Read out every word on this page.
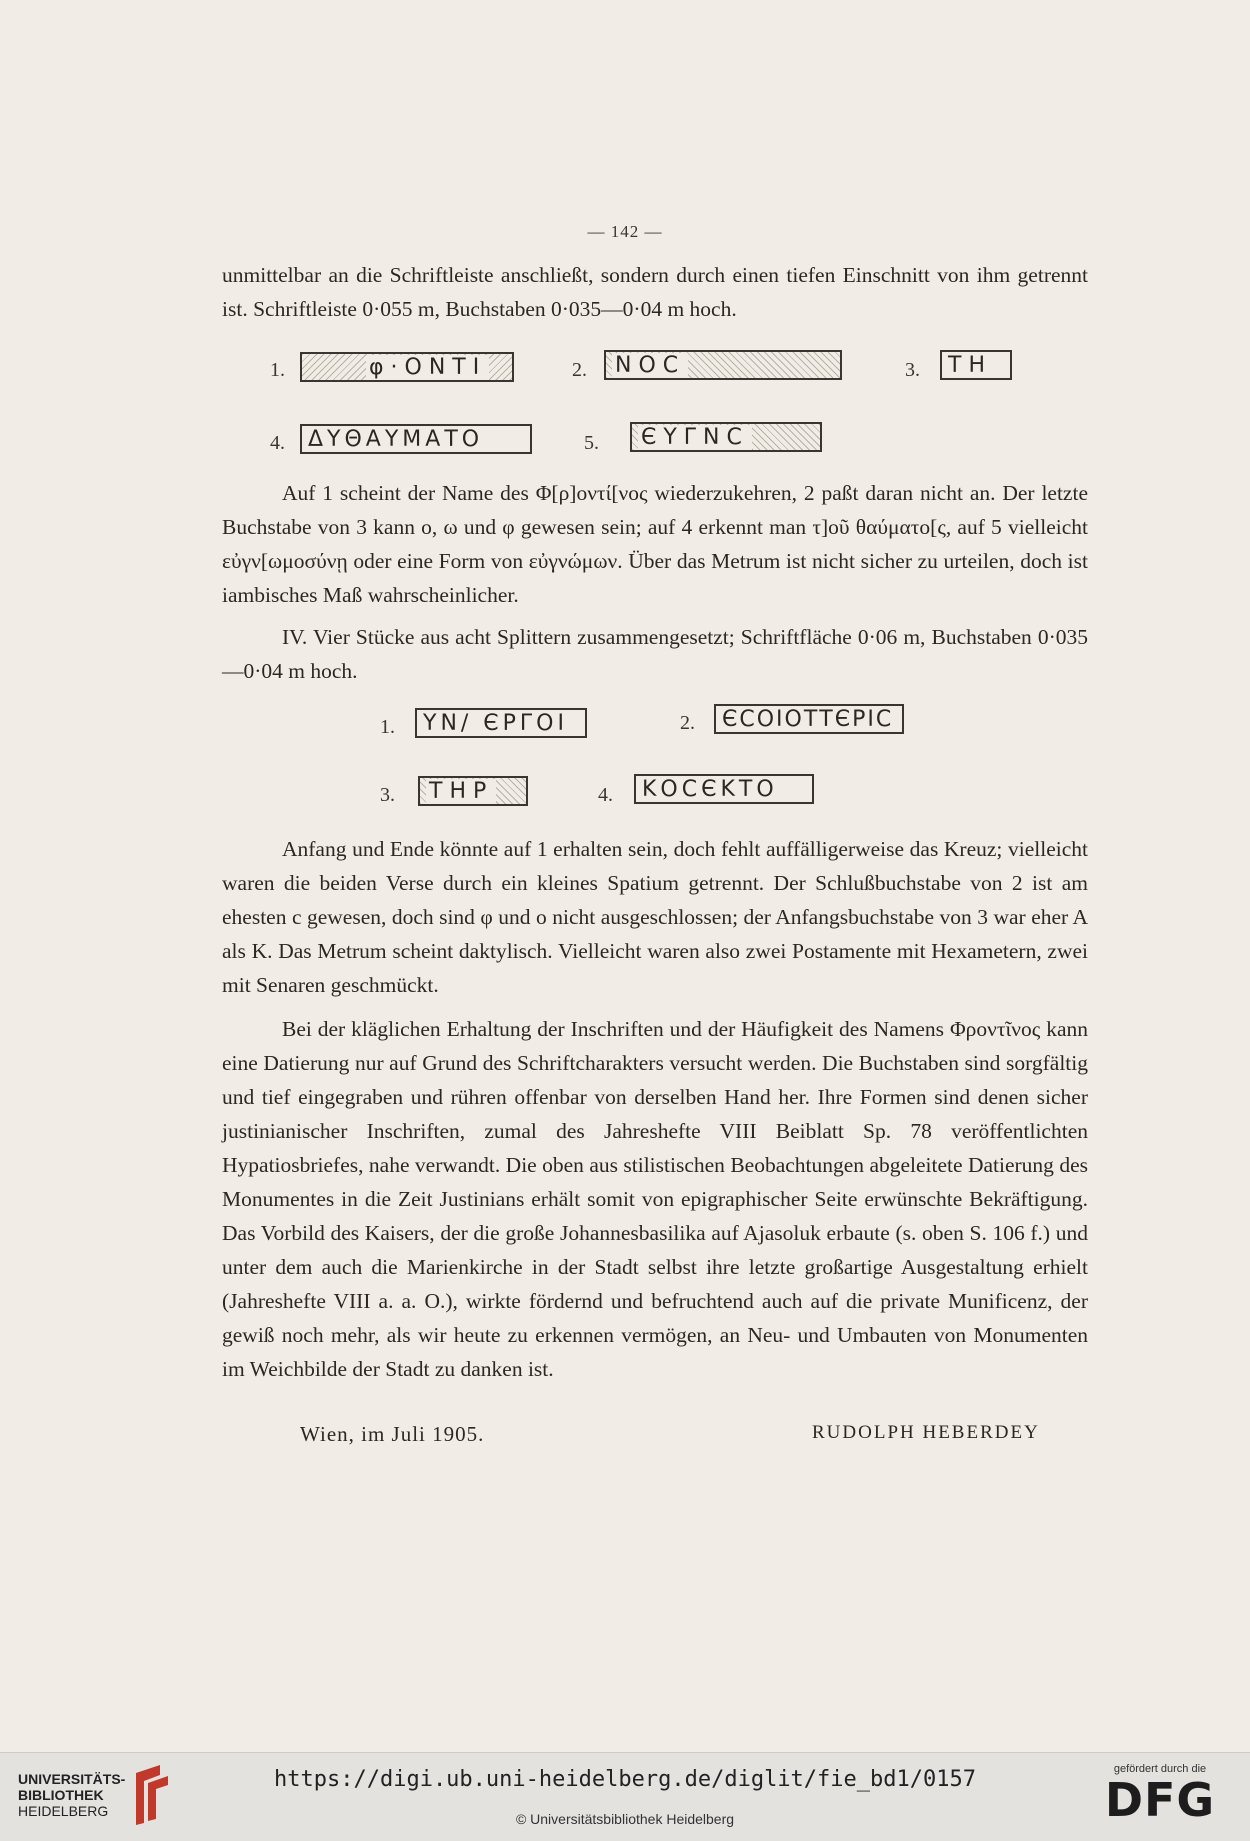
— 142 —

unmittelbar an die Schriftleiste anschließt, sondern durch einen tiefen Einschnitt von ihm getrennt ist. Schriftleiste 0·055 m, Buchstaben 0·035—0·04 m hoch.

1.	φ·ΟΝΤΙ	2.	ΝΟϹ	3.	ΤΗ
4.	ΔΥΘΑΥΜΑΤΟ	5.	ЄΥΓΝϹ

Auf 1 scheint der Name des Φ[ρ]οντί[νος wiederzukehren, 2 paßt daran nicht an. Der letzte Buchstabe von 3 kann ο, ω und φ gewesen sein; auf 4 erkennt man τ]οῦ θαύματο[ς, auf 5 vielleicht εὐγν[ωμοσύνῃ oder eine Form von εὐγνώμων. Über das Metrum ist nicht sicher zu urteilen, doch ist iambisches Maß wahrscheinlicher.

IV. Vier Stücke aus acht Splittern zusammengesetzt; Schriftfläche 0·06 m, Buchstaben 0·035—0·04 m hoch.

1.	ΥΝ/ ЄΡΓΟΙ	2.	ЄϹΟΙΟΤΤЄΡΙϹ
3.	ΤΗΡ	4.	ΚΟϹЄΚΤΟ

Anfang und Ende könnte auf 1 erhalten sein, doch fehlt auffälligerweise das Kreuz; vielleicht waren die beiden Verse durch ein kleines Spatium getrennt. Der Schlußbuchstabe von 2 ist am ehesten c gewesen, doch sind φ und o nicht ausgeschlossen; der Anfangsbuchstabe von 3 war eher A als K. Das Metrum scheint daktylisch. Vielleicht waren also zwei Postamente mit Hexametern, zwei mit Senaren geschmückt.

Bei der kläglichen Erhaltung der Inschriften und der Häufigkeit des Namens Φροντῖνος kann eine Datierung nur auf Grund des Schriftcharakters versucht werden. Die Buchstaben sind sorgfältig und tief eingegraben und rühren offenbar von derselben Hand her. Ihre Formen sind denen sicher justinianischer Inschriften, zumal des Jahreshefte VIII Beiblatt Sp. 78 veröffentlichten Hypatiosbriefes, nahe verwandt. Die oben aus stilistischen Beobachtungen abgeleitete Datierung des Monumentes in die Zeit Justinians erhält somit von epigraphischer Seite erwünschte Bekräftigung. Das Vorbild des Kaisers, der die große Johannesbasilika auf Ajasoluk erbaute (s. oben S. 106 f.) und unter dem auch die Marienkirche in der Stadt selbst ihre letzte großartige Ausgestaltung erhielt (Jahreshefte VIII a. a. O.), wirkte fördernd und befruchtend auch auf die private Munificenz, der gewiß noch mehr, als wir heute zu erkennen vermögen, an Neu- und Umbauten von Monumenten im Weichbilde der Stadt zu danken ist.

Wien, im Juli 1905.	RUDOLPH HEBERDEY
UNIVERSITÄTS-
BIBLIOTHEK
HEIDELBERG
https://digi.ub.uni-heidelberg.de/diglit/fie_bd1/0157
© Universitätsbibliothek Heidelberg
gefördert durch die
DFG
